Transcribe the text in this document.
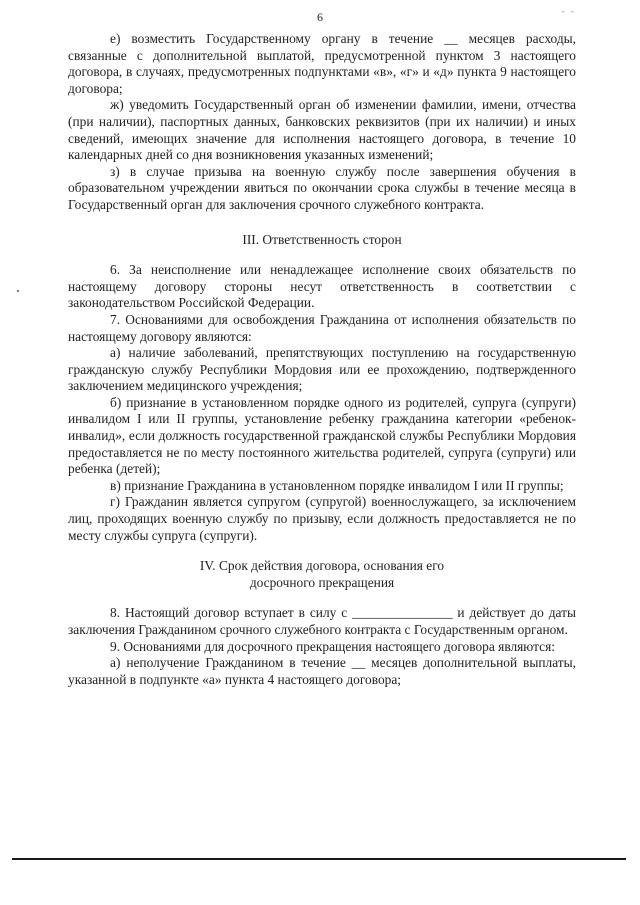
6	- -

е) возместить Государственному органу в течение __ месяцев расходы, связанные с дополнительной выплатой, предусмотренной пунктом 3 настоящего договора, в случаях, предусмотренных подпунктами «в», «г» и «д» пункта 9 настоящего договора;

ж) уведомить Государственный орган об изменении фамилии, имени, отчества (при наличии), паспортных данных, банковских реквизитов (при их наличии) и иных сведений, имеющих значение для исполнения настоящего договора, в течение 10 календарных дней со дня возникновения указанных изменений;

з) в случае призыва на военную службу после завершения обучения в образовательном учреждении явиться по окончании срока службы в течение месяца в Государственный орган для заключения срочного служебного контракта.

III. Ответственность сторон

6. За неисполнение или ненадлежащее исполнение своих обязательств по настоящему договору стороны несут ответственность в соответствии с законодательством Российской Федерации.

7. Основаниями для освобождения Гражданина от исполнения обязательств по настоящему договору являются:

а) наличие заболеваний, препятствующих поступлению на государственную гражданскую службу Республики Мордовия или ее прохождению, подтвержденного заключением медицинского учреждения;

б) признание в установленном порядке одного из родителей, супруга (супруги) инвалидом I или II группы, установление ребенку гражданина категории «ребенок-инвалид», если должность государственной гражданской службы Республики Мордовия предоставляется не по месту постоянного жительства родителей, супруга (супруги) или ребенка (детей);

в) признание Гражданина в установленном порядке инвалидом I или II группы;

г) Гражданин является супругом (супругой) военнослужащего, за исключением лиц, проходящих военную службу по призыву, если должность предоставляется не по месту службы супруга (супруги).

IV. Срок действия договора, основания его
досрочного прекращения

8. Настоящий договор вступает в силу с _______________ и действует до даты заключения Гражданином срочного служебного контракта с Государственным органом.

9. Основаниями для досрочного прекращения настоящего договора являются:

а) неполучение Гражданином в течение __ месяцев дополнительной выплаты, указанной в подпункте «а» пункта 4 настоящего договора;
